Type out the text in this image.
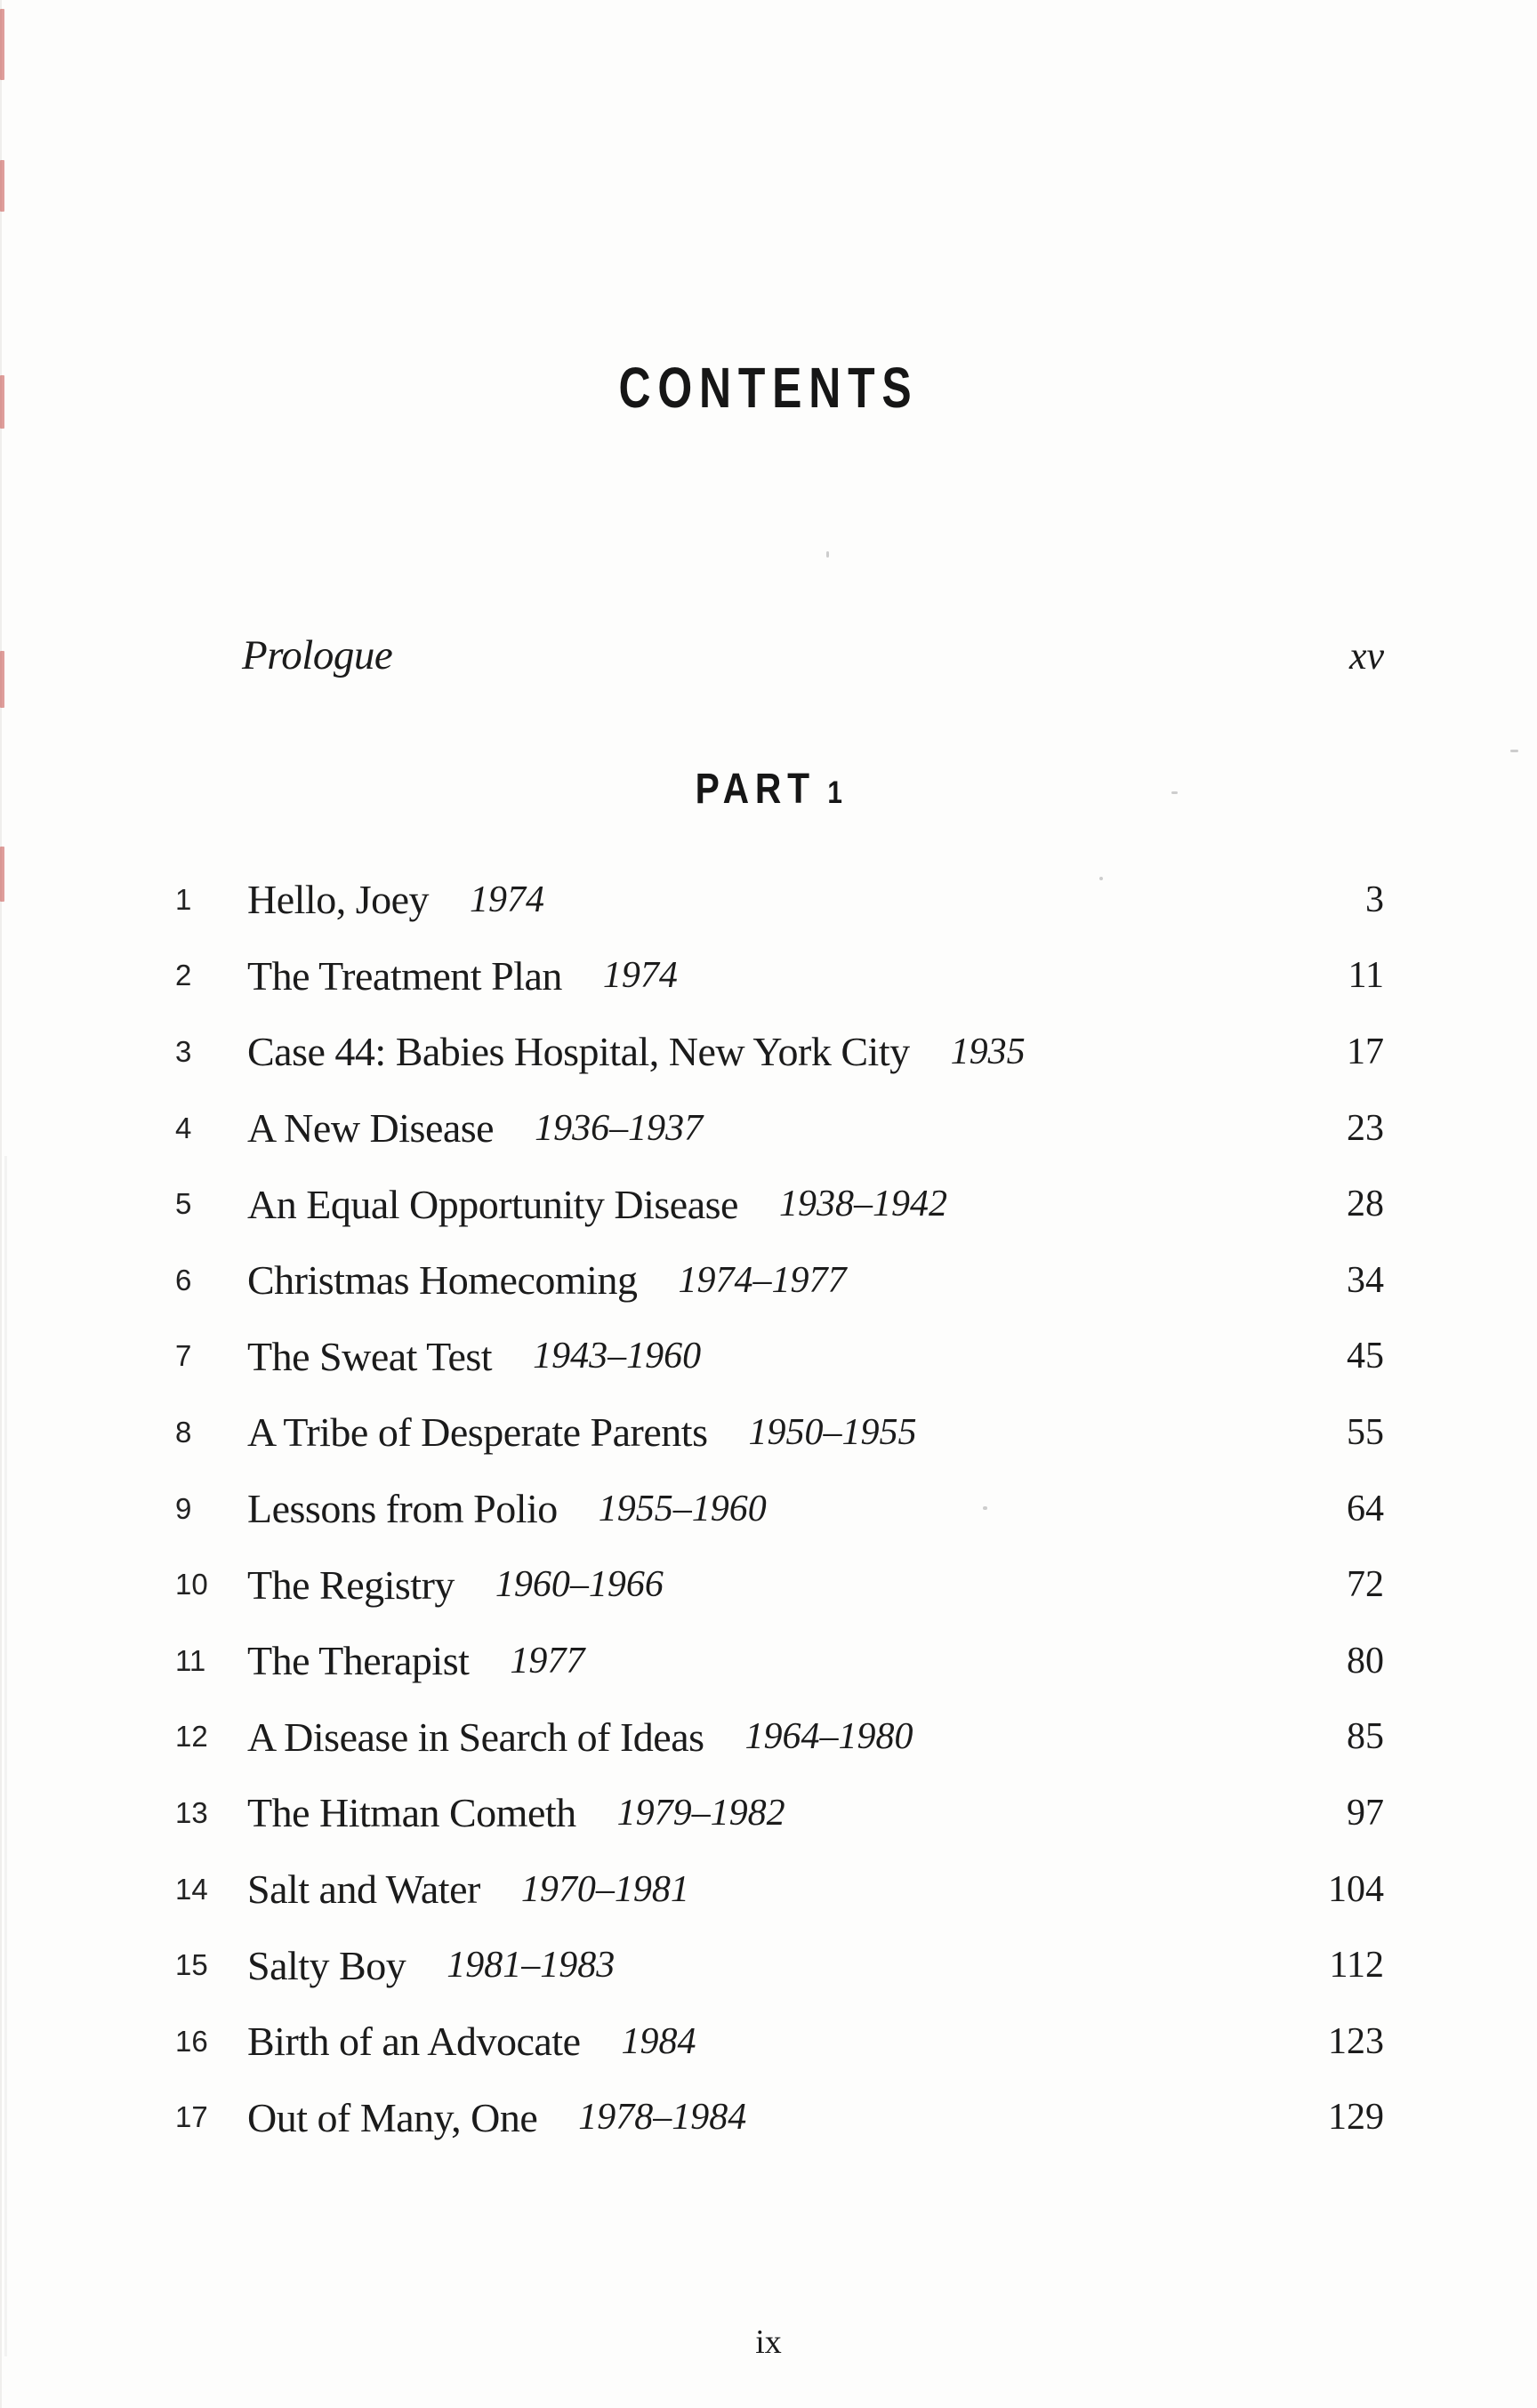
CONTENTS
Prologue	xv
PART 1
1	Hello, Joey 1974	3
2	The Treatment Plan 1974	11
3	Case 44: Babies Hospital, New York City 1935	17
4	A New Disease 1936–1937	23
5	An Equal Opportunity Disease 1938–1942	28
6	Christmas Homecoming 1974–1977	34
7	The Sweat Test 1943–1960	45
8	A Tribe of Desperate Parents 1950–1955	55
9	Lessons from Polio 1955–1960	64
10 The Registry 1960–1966	72
11	The Therapist 1977	80
12 A Disease in Search of Ideas 1964–1980	85
13 The Hitman Cometh 1979–1982	97
14 Salt and Water 1970–1981	104
15 Salty Boy 1981–1983	112
16 Birth of an Advocate 1984	123
17 Out of Many, One 1978–1984	129
ix
